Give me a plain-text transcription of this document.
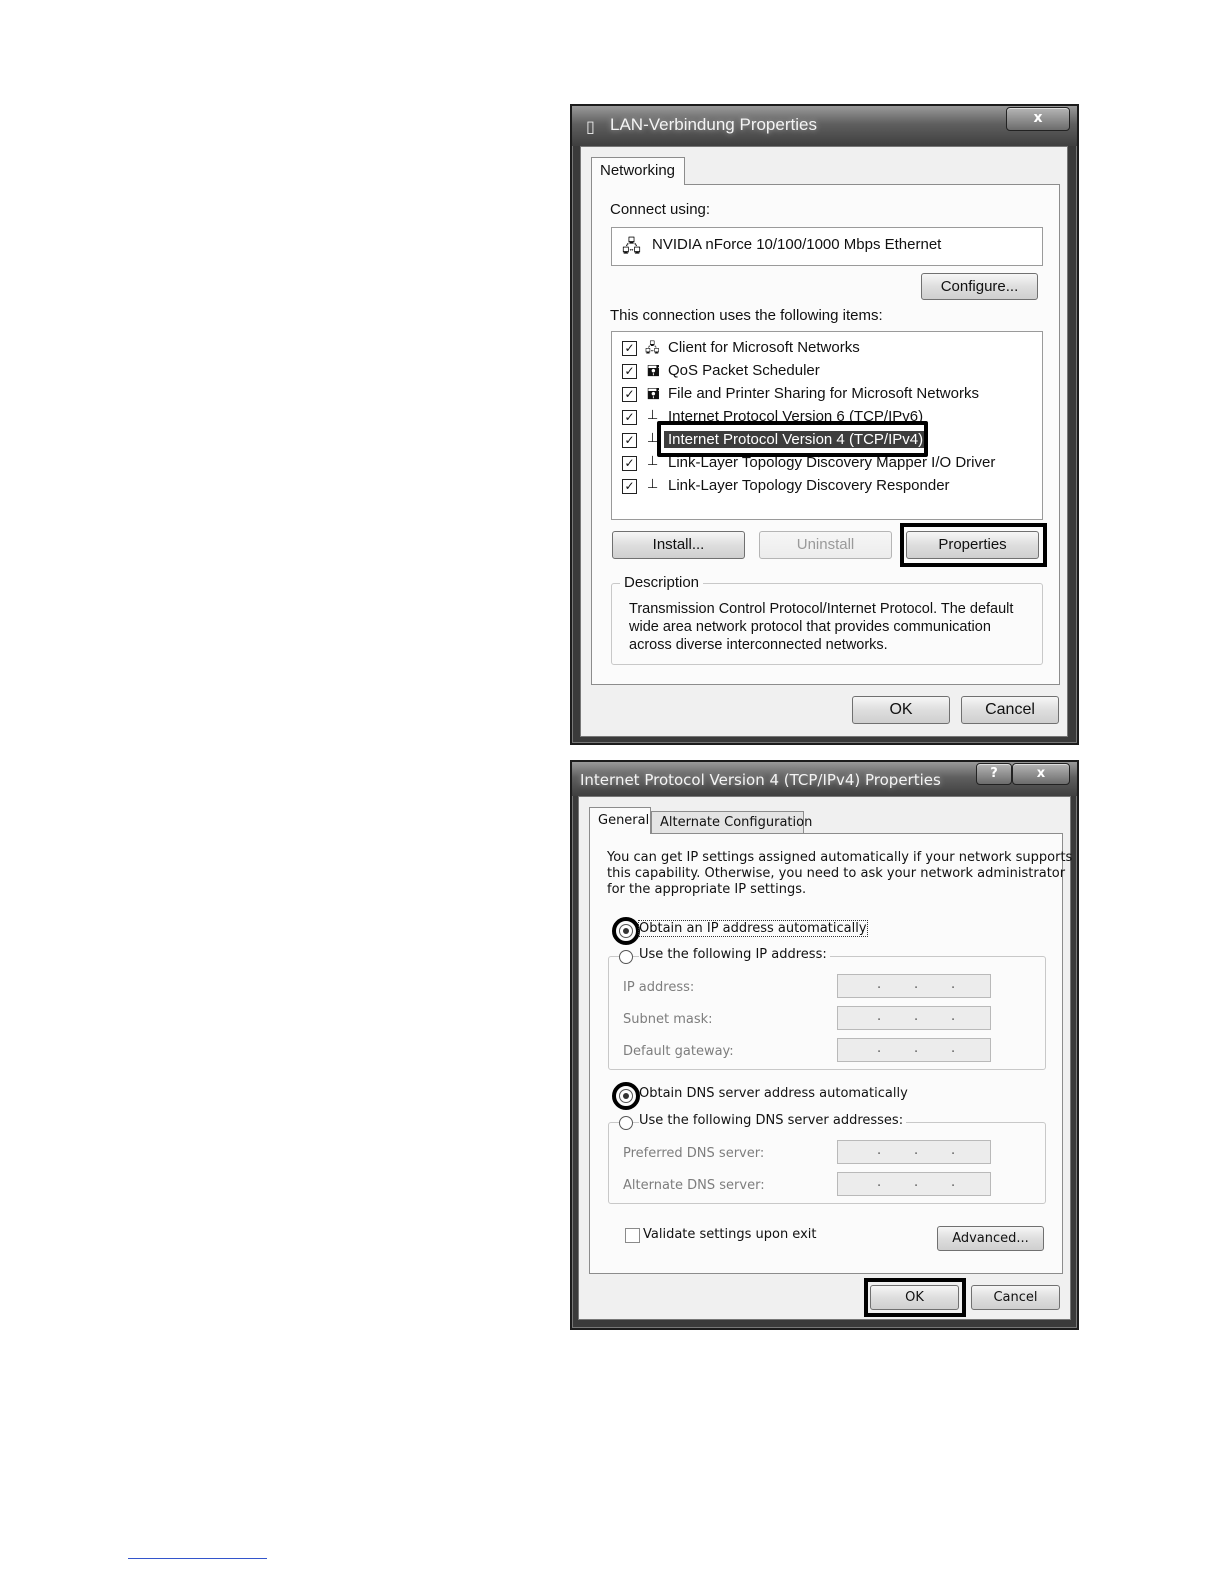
▯ LAN-Verbindung Properties	x
Networking
Connect using:
🖧 NVIDIA nForce 10/100/1000 Mbps Ethernet
Configure...
This connection uses the following items:
✓ 🖧 Client for Microsoft Networks
✓ 🖬 QoS Packet Scheduler
✓ 🖬 File and Printer Sharing for Microsoft Networks
✓ ⊥ Internet Protocol Version 6 (TCP/IPv6)
✓ ⊥ Internet Protocol Version 4 (TCP/IPv4)
✓ ⊥ Link-Layer Topology Discovery Mapper I/O Driver
✓ ⊥ Link-Layer Topology Discovery Responder
Install...	Uninstall	Properties
Description
Transmission Control Protocol/Internet Protocol. The default
wide area network protocol that provides communication
across diverse interconnected networks.
OK	Cancel
Internet Protocol Version 4 (TCP/IPv4) Properties	?	x
General Alternate Configuration
You can get IP settings assigned automatically if your network supports
this capability. Otherwise, you need to ask your network administrator
for the appropriate IP settings.
Obtain an IP address automatically
Use the following IP address:
IP address:	.	.	.
Subnet mask:	.	.	.
Default gateway:	.	.	.
Obtain DNS server address automatically
Use the following DNS server addresses:
Preferred DNS server:	.	.	.
Alternate DNS server:	.	.	.
Validate settings upon exit	Advanced...
OK	Cancel
